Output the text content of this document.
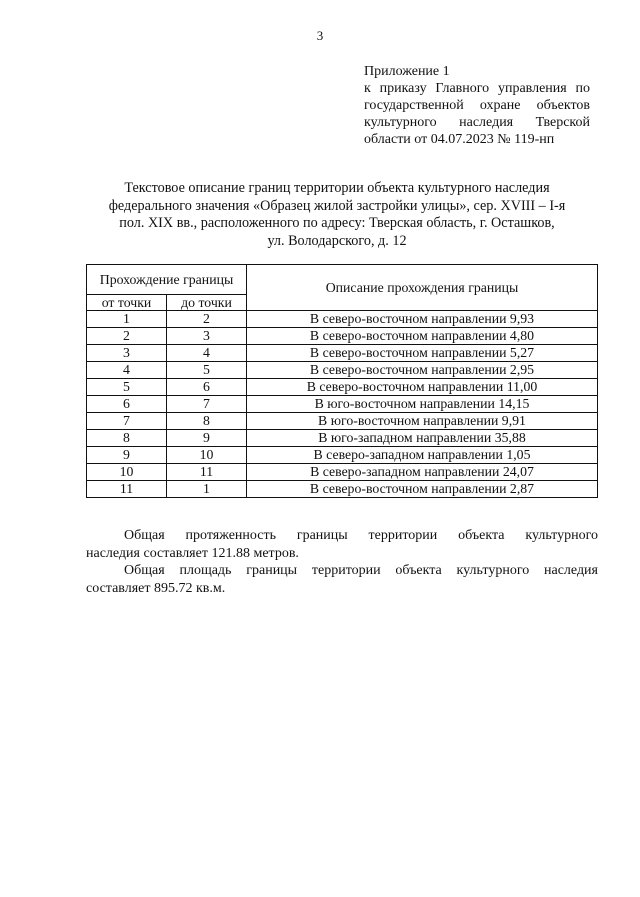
3
Приложение 1
к приказу Главного управления по
государственной охране объектов
культурного наследия Тверской
области от 04.07.2023 № 119-нп
Текстовое описание границ территории объекта культурного наследия
федерального значения «Образец жилой застройки улицы», сер. XVIII – I-я
пол. XIX вв., расположенного по адресу: Тверская область, г. Осташков,
ул. Володарского, д. 12
Прохождение границы		Описание прохождения границы
от точки	до точки	
1	2	В северо-восточном направлении 9,93
2	3	В северо-восточном направлении 4,80
3	4	В северо-восточном направлении 5,27
4	5	В северо-восточном направлении 2,95
5	6	В северо-восточном направлении 11,00
6	7	В юго-восточном направлении 14,15
7	8	В юго-восточном направлении 9,91
8	9	В юго-западном направлении 35,88
9	10	В северо-западном направлении 1,05
10	11	В северо-западном направлении 24,07
11	1	В северо-восточном направлении 2,87
Общая протяженность границы территории объекта культурного
наследия составляет 121.88 метров.
Общая площадь границы территории объекта культурного наследия
составляет 895.72 кв.м.
